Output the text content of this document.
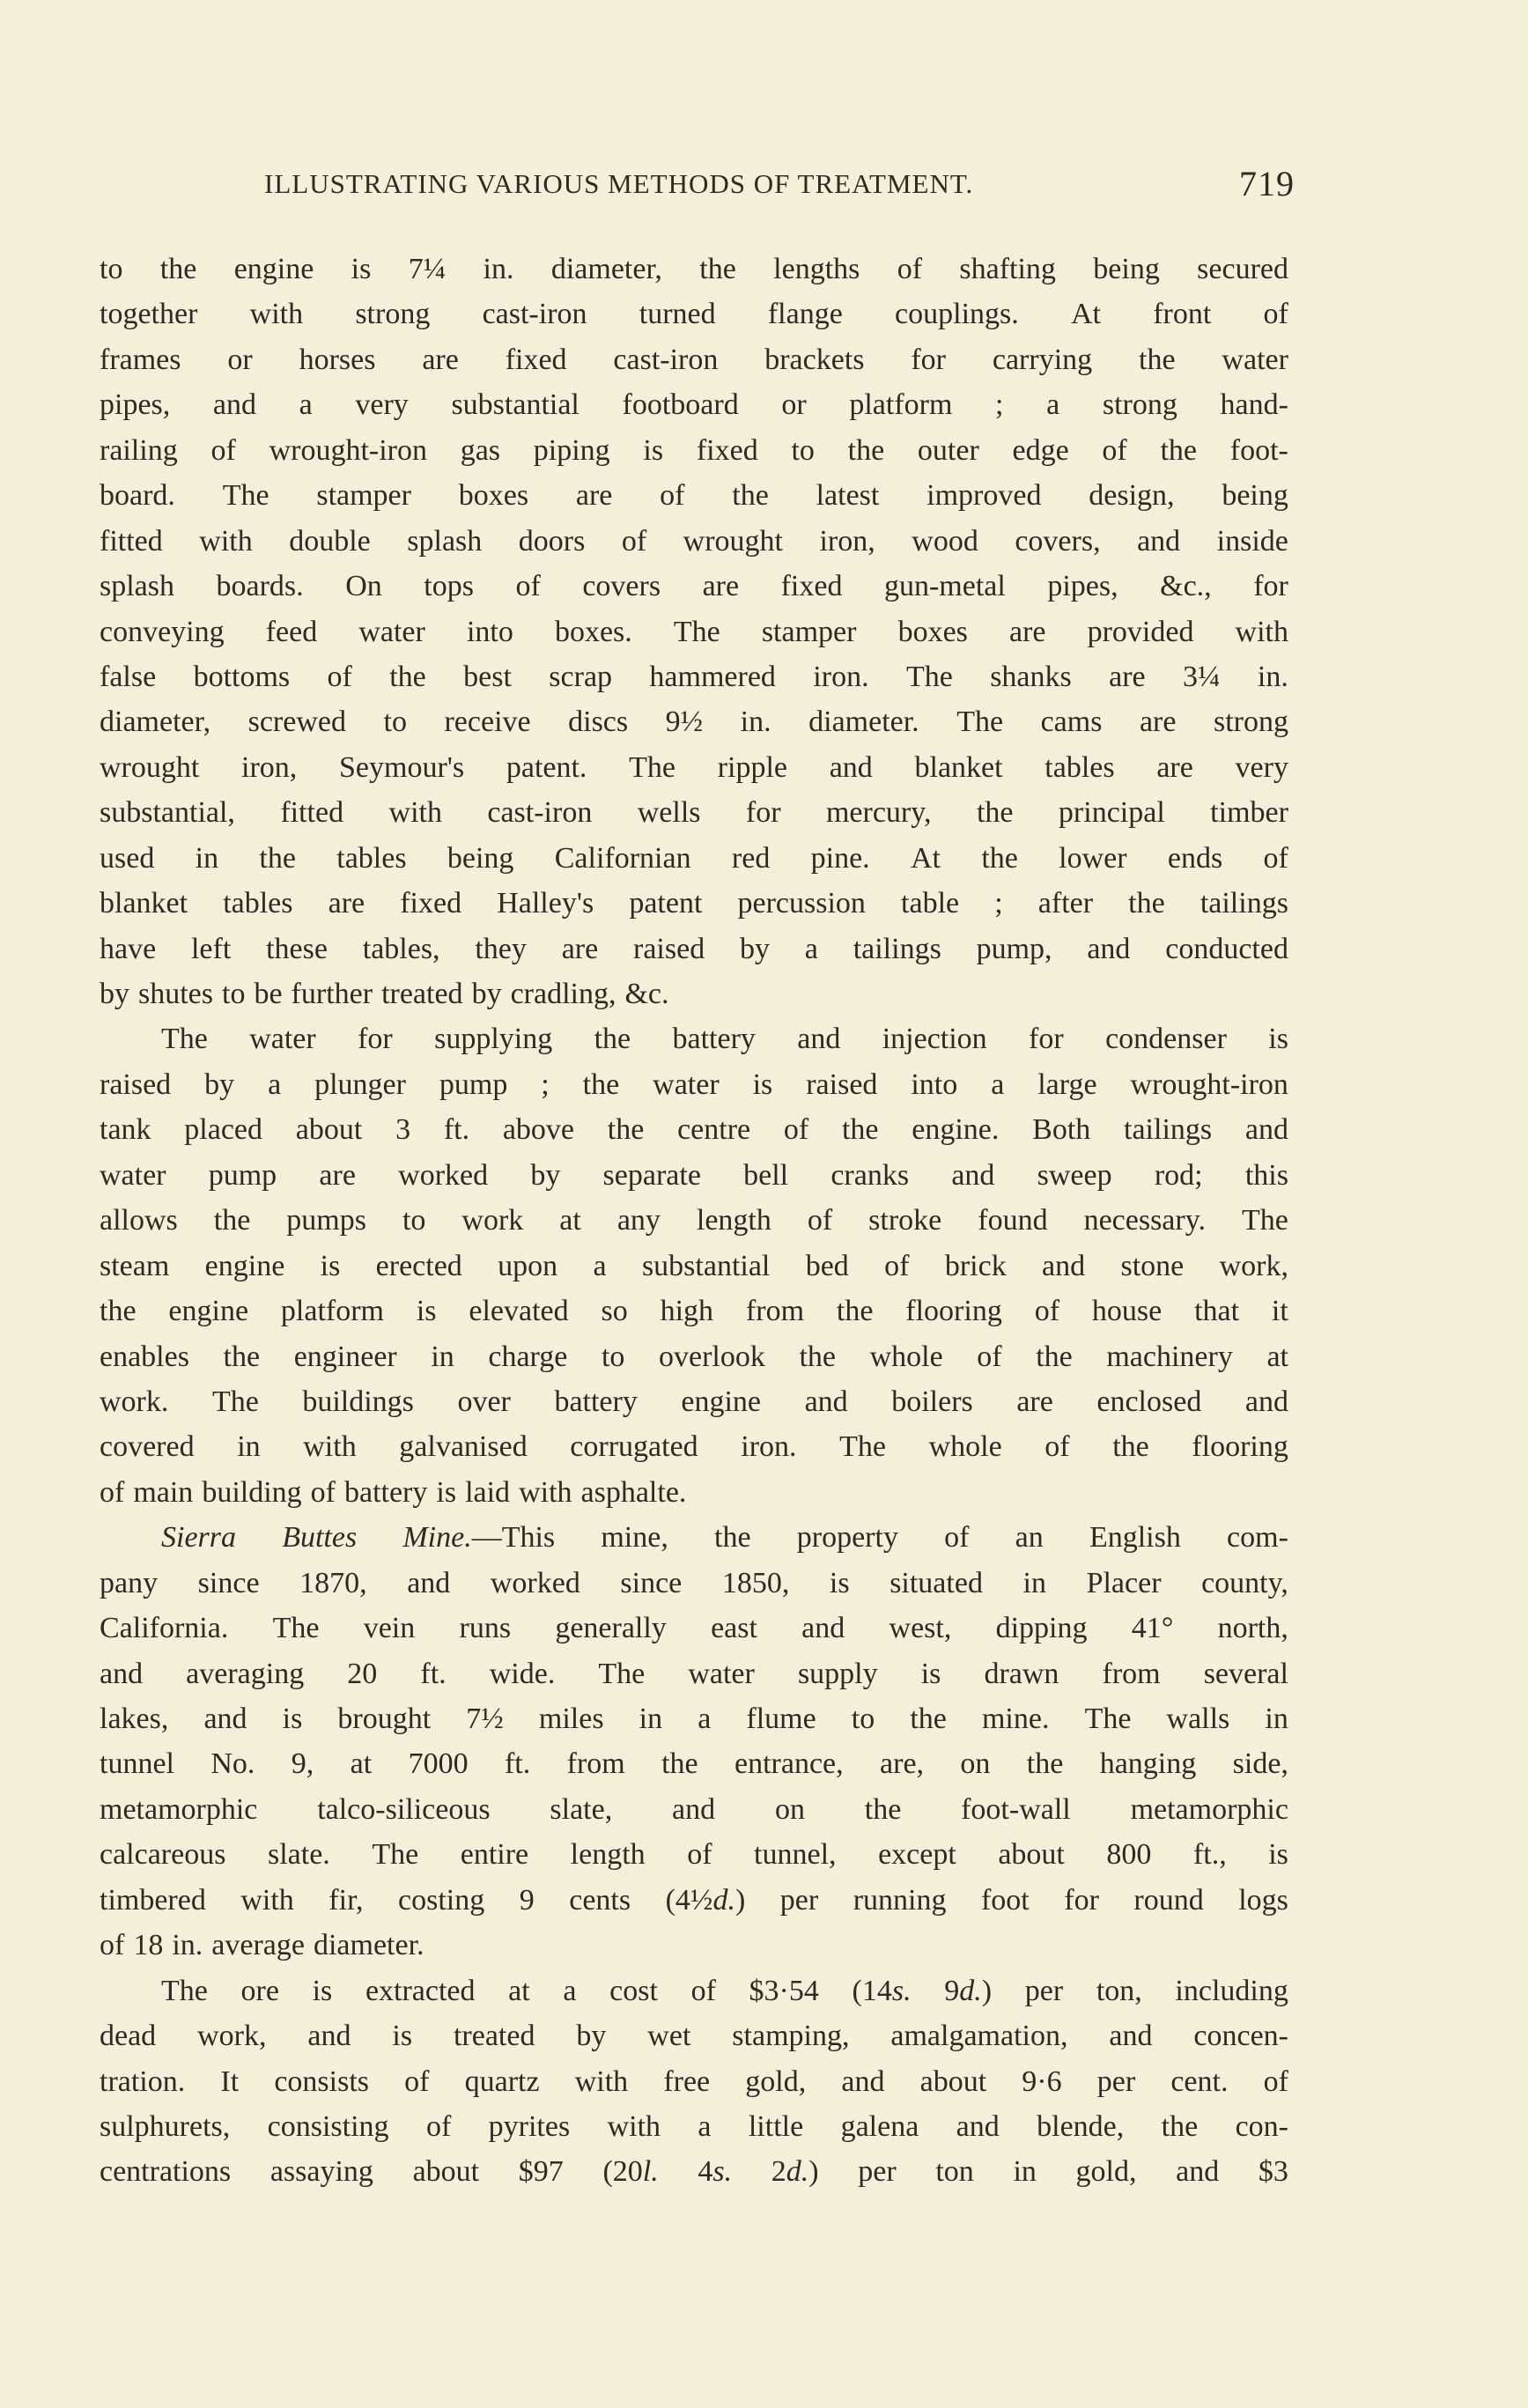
ILLUSTRATING VARIOUS METHODS OF TREATMENT.	719
to the engine is 7¼ in. diameter, the lengths of shafting being secured
together with strong cast-iron turned flange couplings. At front of
frames or horses are fixed cast-iron brackets for carrying the water
pipes, and a very substantial footboard or platform ; a strong hand-
railing of wrought-iron gas piping is fixed to the outer edge of the foot-
board. The stamper boxes are of the latest improved design, being
fitted with double splash doors of wrought iron, wood covers, and inside
splash boards. On tops of covers are fixed gun-metal pipes, &c., for
conveying feed water into boxes. The stamper boxes are provided with
false bottoms of the best scrap hammered iron. The shanks are 3¼ in.
diameter, screwed to receive discs 9½ in. diameter. The cams are strong
wrought iron, Seymour's patent. The ripple and blanket tables are very
substantial, fitted with cast-iron wells for mercury, the principal timber
used in the tables being Californian red pine. At the lower ends of
blanket tables are fixed Halley's patent percussion table ; after the tailings
have left these tables, they are raised by a tailings pump, and conducted
by shutes to be further treated by cradling, &c.
The water for supplying the battery and injection for condenser is
raised by a plunger pump ; the water is raised into a large wrought-iron
tank placed about 3 ft. above the centre of the engine. Both tailings and
water pump are worked by separate bell cranks and sweep rod; this
allows the pumps to work at any length of stroke found necessary. The
steam engine is erected upon a substantial bed of brick and stone work,
the engine platform is elevated so high from the flooring of house that it
enables the engineer in charge to overlook the whole of the machinery at
work. The buildings over battery engine and boilers are enclosed and
covered in with galvanised corrugated iron. The whole of the flooring
of main building of battery is laid with asphalte.
Sierra Buttes Mine.—This mine, the property of an English com-
pany since 1870, and worked since 1850, is situated in Placer county,
California. The vein runs generally east and west, dipping 41° north,
and averaging 20 ft. wide. The water supply is drawn from several
lakes, and is brought 7½ miles in a flume to the mine. The walls in
tunnel No. 9, at 7000 ft. from the entrance, are, on the hanging side,
metamorphic talco-siliceous slate, and on the foot-wall metamorphic
calcareous slate. The entire length of tunnel, except about 800 ft., is
timbered with fir, costing 9 cents (4½d.) per running foot for round logs
of 18 in. average diameter.
The ore is extracted at a cost of $3·54 (14s. 9d.) per ton, including
dead work, and is treated by wet stamping, amalgamation, and concen-
tration. It consists of quartz with free gold, and about 9·6 per cent. of
sulphurets, consisting of pyrites with a little galena and blende, the con-
centrations assaying about $97 (20l. 4s. 2d.) per ton in gold, and $3
